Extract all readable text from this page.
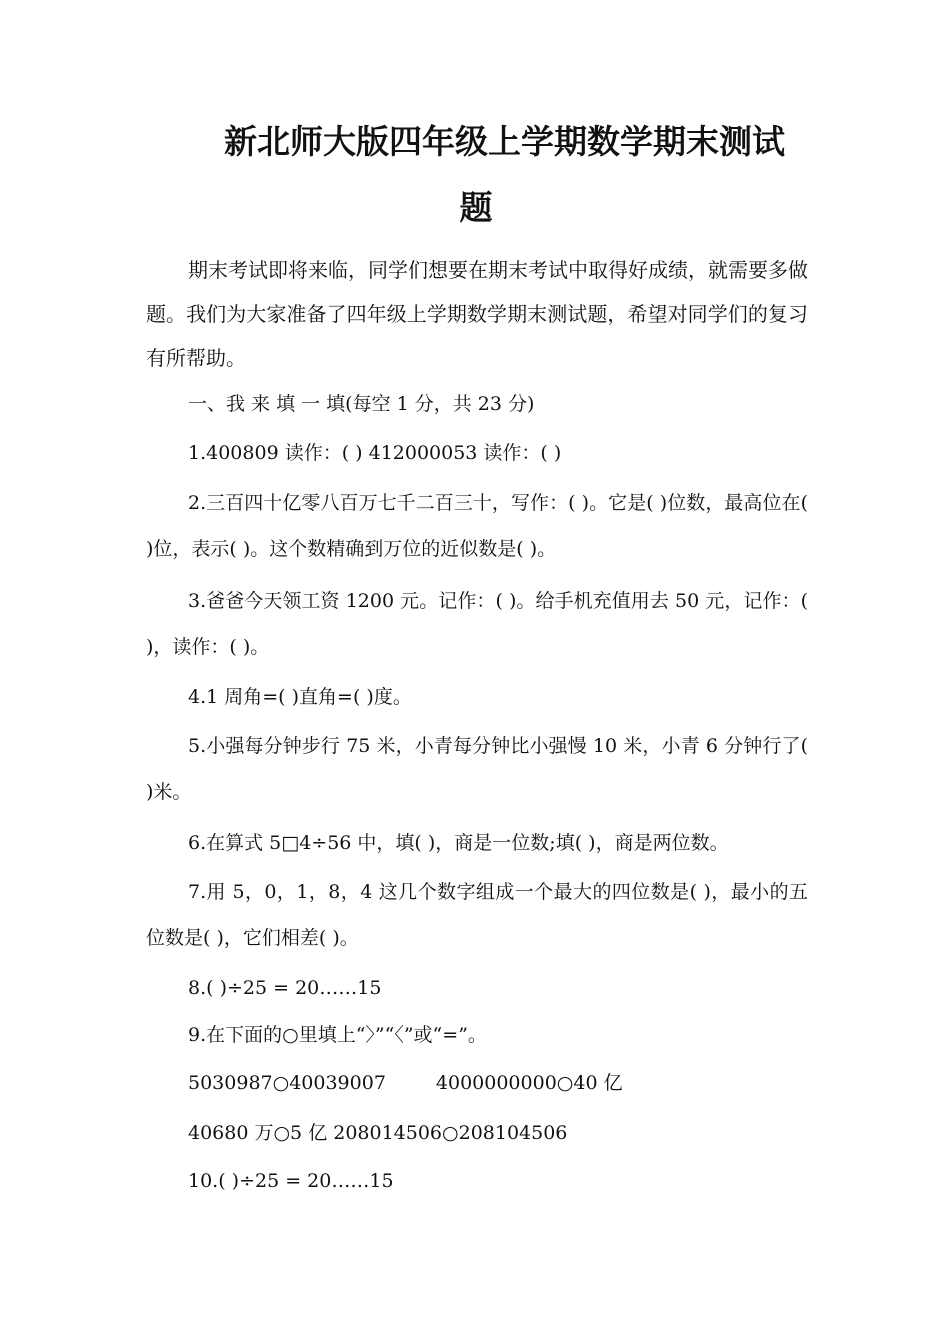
新北师大版四年级上学期数学期末测试
题

期末考试即将来临，同学们想要在期末考试中取得好成绩，就需要多做题。我们为大家准备了四年级上学期数学期末测试题，希望对同学们的复习有所帮助。

一、我 来 填 一 填(每空 1 分，共 23 分)

1.400809 读作：( ) 412000053 读作：( )

2.三百四十亿零八百万七千二百三十，写作：( )。它是( )位数，最高位在( )位，表示( )。这个数精确到万位的近似数是( )。

3.爸爸今天领工资 1200 元。记作：( )。给手机充值用去 50 元，记作：( )，读作：( )。

4.1 周角=( )直角=( )度。

5.小强每分钟步行 75 米，小青每分钟比小强慢 10 米，小青 6 分钟行了( )米。

6.在算式 5□4÷56 中，填( )，商是一位数;填( )，商是两位数。

7.用 5，0，1，8，4 这几个数字组成一个最大的四位数是( )，最小的五位数是( )，它们相差( )。

8.( )÷25 = 20……15

9.在下面的○里填上“〉”“〈”或“=”。

5030987○40039007	4000000000○40 亿

40680 万○5 亿 208014506○208104506

10.( )÷25 = 20……15
